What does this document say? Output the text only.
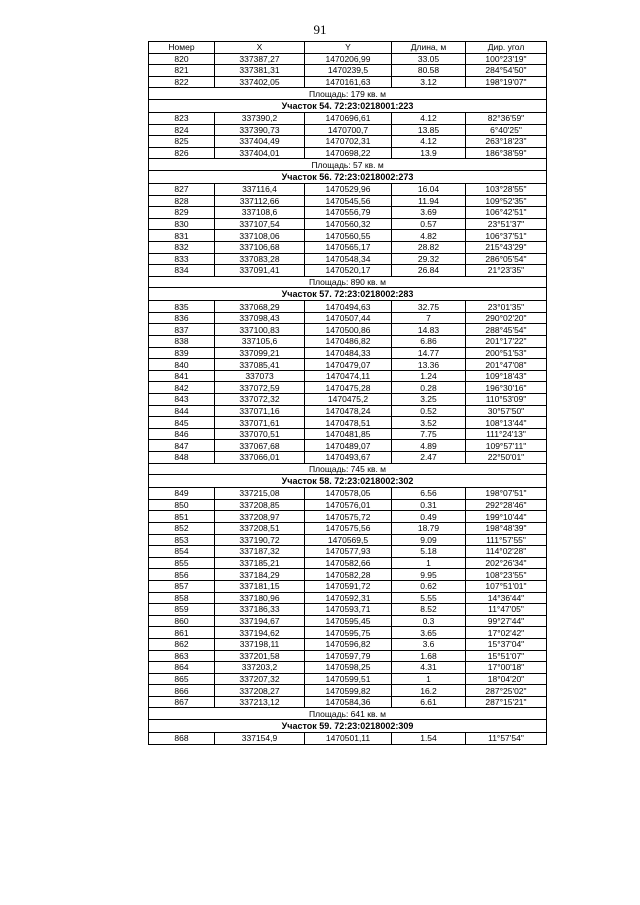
91
Номер	X	Y	Длина, м	Дир. угол
820	337387,27	1470206,99	33.05	100°23'19"
821	337381,31	1470239,5	80.58	284°54'50"
822	337402,05	1470161,63	3.12	198°19'07"
Площадь: 179 кв. м				
Участок 54. 72:23:0218001:223				
823	337390,2	1470696,61	4.12	82°36'59"
824	337390,73	1470700,7	13.85	6°40'25"
825	337404,49	1470702,31	4.12	263°18'23"
826	337404,01	1470698,22	13.9	186°38'59"
Площадь: 57 кв. м				
Участок 56. 72:23:0218002:273				
827	337116,4	1470529,96	16.04	103°28'55"
828	337112,66	1470545,56	11.94	109°52'35"
829	337108,6	1470556,79	3.69	106°42'51"
830	337107,54	1470560,32	0.57	23°51'37"
831	337108,06	1470560,55	4.82	106°37'51"
832	337106,68	1470565,17	28.82	215°43'29"
833	337083,28	1470548,34	29.32	286°05'54"
834	337091,41	1470520,17	26.84	21°23'35"
Площадь: 890 кв. м				
Участок 57. 72:23:0218002:283				
835	337068,29	1470494,63	32.75	23°01'35"
836	337098,43	1470507,44	7	290°02'20"
837	337100,83	1470500,86	14.83	288°45'54"
838	337105,6	1470486,82	6.86	201°17'22"
839	337099,21	1470484,33	14.77	200°51'53"
840	337085,41	1470479,07	13.36	201°47'08"
841	337073	1470474,11	1.24	109°18'43"
842	337072,59	1470475,28	0.28	196°30'16"
843	337072,32	1470475,2	3.25	110°53'09"
844	337071,16	1470478,24	0.52	30°57'50"
845	337071,61	1470478,51	3.52	108°13'44"
846	337070,51	1470481,85	7.75	111°24'13"
847	337067,68	1470489,07	4.89	109°57'11"
848	337066,01	1470493,67	2.47	22°50'01"
Площадь: 745 кв. м				
Участок 58. 72:23:0218002:302				
849	337215,08	1470578,05	6.56	198°07'51"
850	337208,85	1470576,01	0.31	292°28'46"
851	337208,97	1470575,72	0.49	199°10'44"
852	337208,51	1470575,56	18.79	198°48'39"
853	337190,72	1470569,5	9.09	111°57'55"
854	337187,32	1470577,93	5.18	114°02'28"
855	337185,21	1470582,66	1	202°26'34"
856	337184,29	1470582,28	9.95	108°23'55"
857	337181,15	1470591,72	0.62	107°51'01"
858	337180,96	1470592,31	5.55	14°36'44"
859	337186,33	1470593,71	8.52	11°47'05"
860	337194,67	1470595,45	0.3	99°27'44"
861	337194,62	1470595,75	3.65	17°02'42"
862	337198,11	1470596,82	3.6	15°37'04"
863	337201,58	1470597,79	1.68	15°51'07"
864	337203,2	1470598,25	4.31	17°00'18"
865	337207,32	1470599,51	1	18°04'20"
866	337208,27	1470599,82	16.2	287°25'02"
867	337213,12	1470584,36	6.61	287°15'21"
Площадь: 641 кв. м				
Участок 59. 72:23:0218002:309				
868	337154,9	1470501,11	1.54	11°57'54"
